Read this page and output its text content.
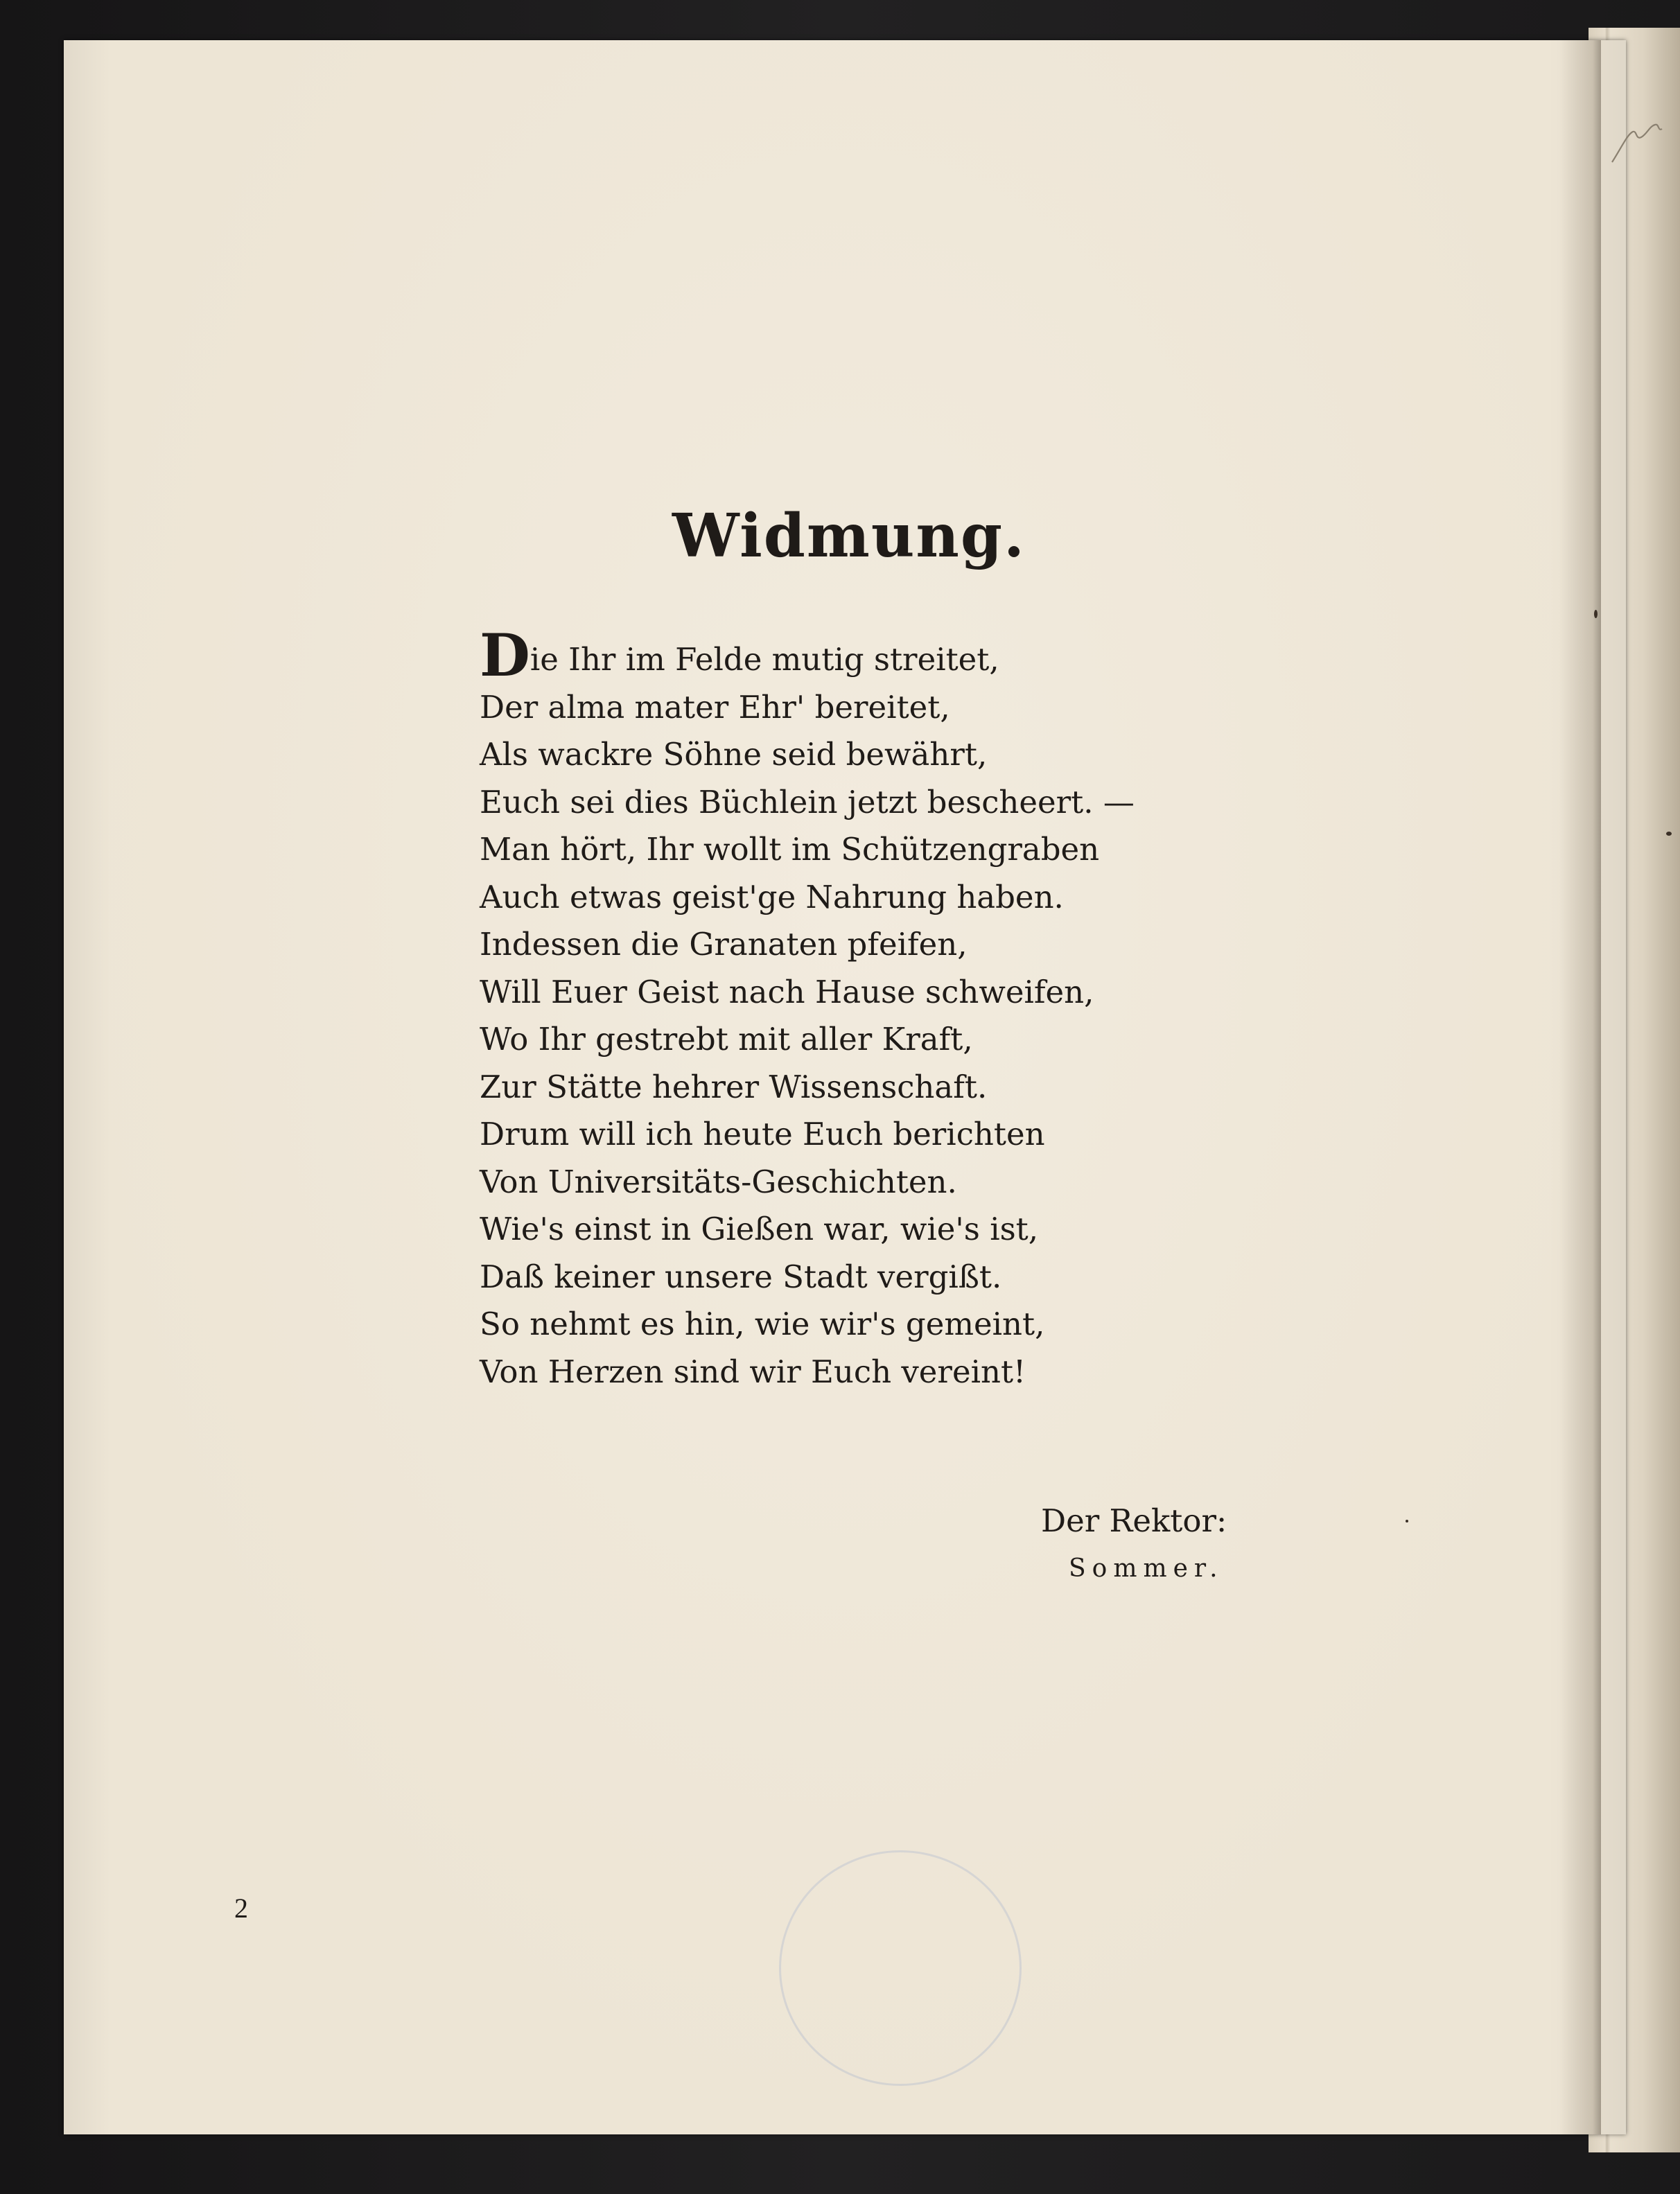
Widmung.
Die Ihr im Felde mutig streitet,
Der alma mater Ehr' bereitet,
Als wackre Söhne seid bewährt,
Euch sei dies Büchlein jetzt bescheert. —
Man hört, Ihr wollt im Schützengraben
Auch etwas geist'ge Nahrung haben.
Indessen die Granaten pfeifen,
Will Euer Geist nach Hause schweifen,
Wo Ihr gestrebt mit aller Kraft,
Zur Stätte hehrer Wissenschaft.
Drum will ich heute Euch berichten
Von Universitäts-Geschichten.
Wie's einst in Gießen war, wie's ist,
Daß keiner unsere Stadt vergißt.
So nehmt es hin, wie wir's gemeint,
Von Herzen sind wir Euch vereint!
Der Rektor:
Sommer.
2
